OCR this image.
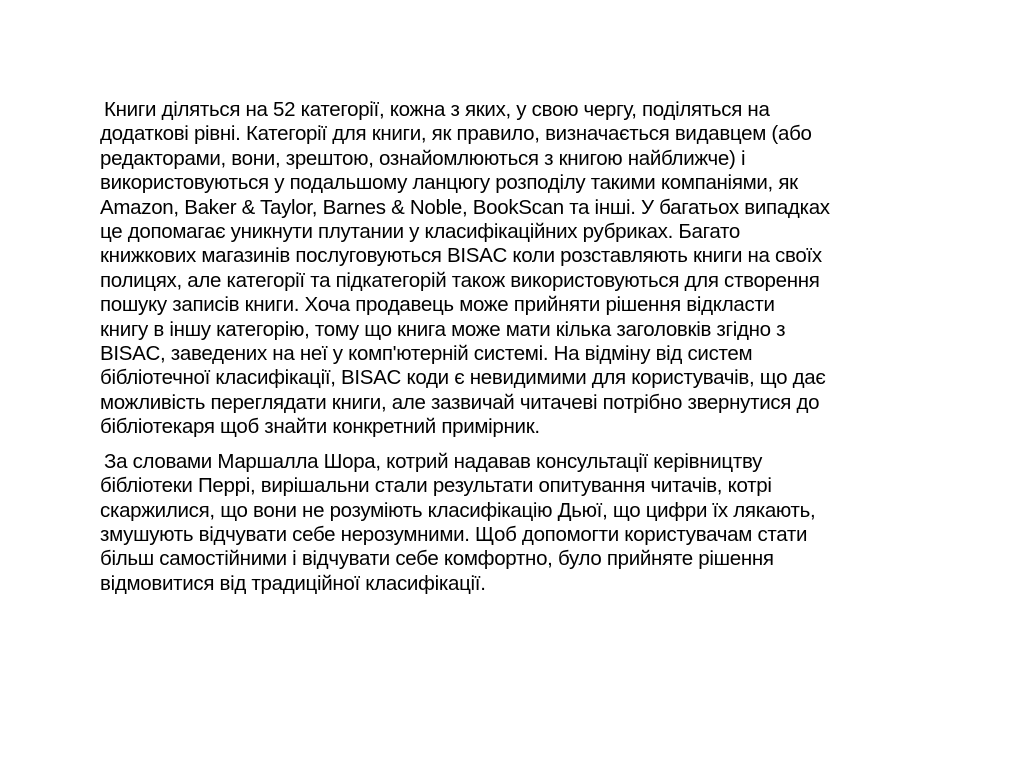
Книги діляться на 52 категорії, кожна з яких, у свою чергу, поділяться на
додаткові рівні. Категорії для книги, як правило, визначається видавцем (або
редакторами, вони, зрештою, ознайомлюються з книгою найближче) і
використовуються у подальшому ланцюгу розподілу такими компаніями, як
Amazon, Baker & Taylor, Barnes & Noble, BookScan та інші. У багатьох випадках
це допомагає уникнути плутании у класифікаційних рубриках. Багато
книжкових магазинів послуговуються BISAC коли розставляють книги на своїх
полицях, але категорії та підкатегорій також використовуються для створення
пошуку записів книги. Хоча продавець може прийняти рішення відкласти
книгу в іншу категорію, тому що книга може мати кілька заголовків згідно з
BISAC, заведених на неї у комп'ютерній системі. На відміну від систем
бібліотечної класифікації, BISAC коди є невидимими для користувачів, що дає
можливість переглядати книги, але зазвичай читачеві потрібно звернутися до
бібліотекаря щоб знайти конкретний примірник.

За словами Маршалла Шора, котрий надавав консультації керівництву
бібліотеки Перрі, вирішальни стали результати опитування читачів, котрі
скаржилися, що вони не розуміють класифікацію Дьюї, що цифри їх лякають,
змушують відчувати себе нерозумними. Щоб допомогти користувачам стати
більш самостійними і відчувати себе комфортно, було прийняте рішення
відмовитися від традиційної класифікації.
